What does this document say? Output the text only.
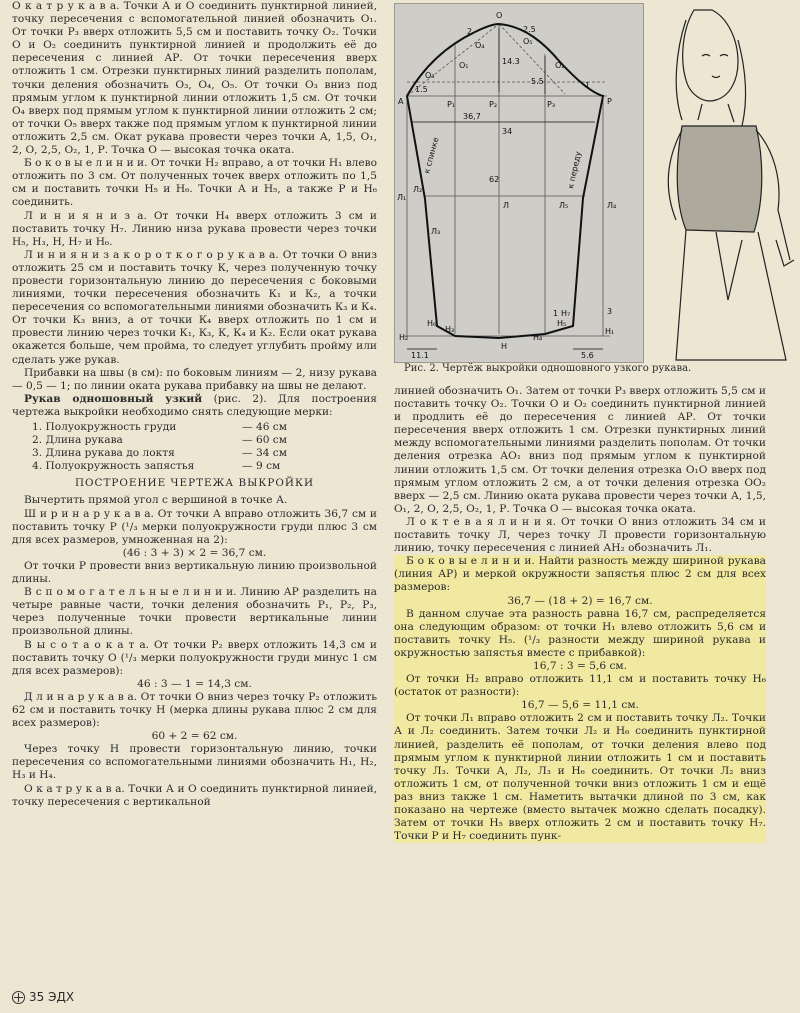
О к а т р у к а в а. Точки А и О соединить пунктирной линией, точку пересечения с вспомогательной линией обозначить О₁. От точки Р₃ вверх отложить 5,5 см и поставить точку О₂. Точки О и О₂ соединить пунктирной линией и продолжить её до пересечения с линией АР. От точки пересечения вверх отложить 1 см. Отрезки пунктирных линий разделить пополам, точки деления обозначить О₃, О₄, О₅. От точки О₃ вниз под прямым углом к пунктирной линии отложить 1,5 см. От точки О₄ вверх под прямым углом к пунктирной линии отложить 2 см; от точки О₅ вверх также под прямым углом к пунктирной линии отложить 2,5 см. Окат рукава провести через точки А, 1,5, О₁, 2, О, 2,5, О₂, 1, Р. Точка О — высокая точка оката.

Б о к о в ы е л и н и и. От точки Н₂ вправо, а от точки Н₁ влево отложить по 3 см. От полученных точек вверх отложить по 1,5 см и поставить точки Н₅ и Н₆. Точки А и Н₅, а также Р и Н₆ соединить.

Л и н и я н и з а. От точки Н₄ вверх отложить 3 см и поставить точку Н₇. Линию низа рукава провести через точки Н₅, Н₃, Н, Н₇ и Н₆.

Л и н и я н и з а к о р о т к о г о р у к а в а. От точки О вниз отложить 25 см и поставить точку К, через полученную точку провести горизонтальную линию до пересечения с боковыми линиями, точки пересечения обозначить К₁ и К₂, а точки пересечения со вспомогательными линиями обозначить К₃ и К₄. От точки К₃ вниз, а от точки К₄ вверх отложить по 1 см и провести линию через точки К₁, К₃, К, К₄ и К₂. Если окат рукава окажется больше, чем пройма, то следует углубить пройму или сделать уже рукав.

Прибавки на швы (в см): по боковым линиям — 2, низу рукава — 0,5 — 1; по линии оката рукава прибавку на швы не делают.

Рукав одношовный узкий (рис. 2). Для построения чертежа выкройки необходимо снять следующие мерки:

1. Полуокружность груди	— 46 см
2. Длина рукава	— 60 см
3. Длина рукава до локтя	— 34 см
4. Полуокружность запястья	— 9 см
ПОСТРОЕНИЕ ЧЕРТЕЖА ВЫКРОЙКИ

Вычертить прямой угол с вершиной в точке А.

Ш и р и н а р у к а в а. От точки А вправо отложить 36,7 см и поставить точку Р (¹/₃ мерки полуокружности груди плюс 3 см для всех размеров, умноженная на 2):

(46 : 3 + 3) × 2 = 36,7 см.

От точки Р провести вниз вертикальную линию произвольной длины.

В с п о м о г а т е л ь н ы е л и н и и. Линию АР разделить на четыре равные части, точки деления обозначить Р₁, Р₂, Р₃, через полученные точки провести вертикальные линии произвольной длины.

В ы с о т а о к а т а. От точки Р₂ вверх отложить 14,3 см и поставить точку О (¹/₃ мерки полуокружности груди минус 1 см для всех размеров):

46 : 3 — 1 = 14,3 см.

Д л и н а р у к а в а. От точки О вниз через точку Р₂ отложить 62 см и поставить точку Н (мерка длины рукава плюс 2 см для всех размеров):

60 + 2 = 62 см.

Через точку Н провести горизонтальную линию, точки пересечения со вспомогательными линиями обозначить Н₁, Н₂, Н₃ и Н₄.

О к а т р у к а в а. Точки А и О соединить пунктирной линией, точку пересечения с вертикальной

O
O₃
O₁
O₄	O₅
O₂
1.5
2	2.5
1
14.3
5.5
A	P₁	P₂	P₃	P
36,7
34
62
к спинке	к переду
Л₁
Л₂
Л₃
Л	Л₅	Л₄
H₂
H₃
H
H₄
H₅
H₁
H₇
H₆
11.1	5.6
1	3
Рис. 2. Чертёж выкройки одношовного узкого рукава.

линией обозначить О₁. Затем от точки Р₃ вверх отложить 5,5 см и поставить точку О₂. Точки О и О₂ соединить пунктирной линией и продлить её до пересечения с линией АР. От точки пересечения вверх отложить 1 см. Отрезки пунктирных линий между вспомогательными линиями разделить пополам. От точки деления отрезка АО₁ вниз под прямым углом к пунктирной линии отложить 1,5 см. От точки деления отрезка О₁О вверх под прямым углом отложить 2 см, а от точки деления отрезка ОО₂ вверх — 2,5 см. Линию оката рукава провести через точки А, 1,5, О₁, 2, О, 2,5, О₂, 1, Р. Точка О — высокая точка оката.

Л о к т е в а я л и н и я. От точки О вниз отложить 34 см и поставить точку Л, через точку Л провести горизонтальную линию, точку пересечения с линией АН₂ обозначить Л₁.

Б о к о в ы е л и н и и. Найти разность между шириной рукава (линия АР) и меркой окружности запястья плюс 2 см для всех размеров:

36,7 — (18 + 2) = 16,7 см.

В данном случае эта разность равна 16,7 см, распределяется она следующим образом: от точки Н₁ влево отложить 5,6 см и поставить точку Н₅. (¹/₃ разности между шириной рукава и окружностью запястья вместе с прибавкой):

16,7 : 3 = 5,6 см.

От точки Н₂ вправо отложить 11,1 см и поставить точку Н₆ (остаток от разности):

16,7 — 5,6 = 11,1 см.

От точки Л₁ вправо отложить 2 см и поставить точку Л₂. Точки А и Л₂ соединить. Затем точки Л₂ и Н₆ соединить пунктирной линией, разделить её пополам, от точки деления влево под прямым углом к пунктирной линии отложить 1 см и поставить точку Л₃. Точки А, Л₂, Л₃ и Н₆ соединить. От точки Л₂ вниз отложить 1 см, от полученной точки вниз отложить 1 см и ещё раз вниз также 1 см. Наметить вытачки длиной по 3 см, как показано на чертеже (вместо вытачек можно сделать посадку). Затем от точки Н₅ вверх отложить 2 см и поставить точку Н₇. Точки Р и Н₇ соединить пунк-

35 ЭДХ
